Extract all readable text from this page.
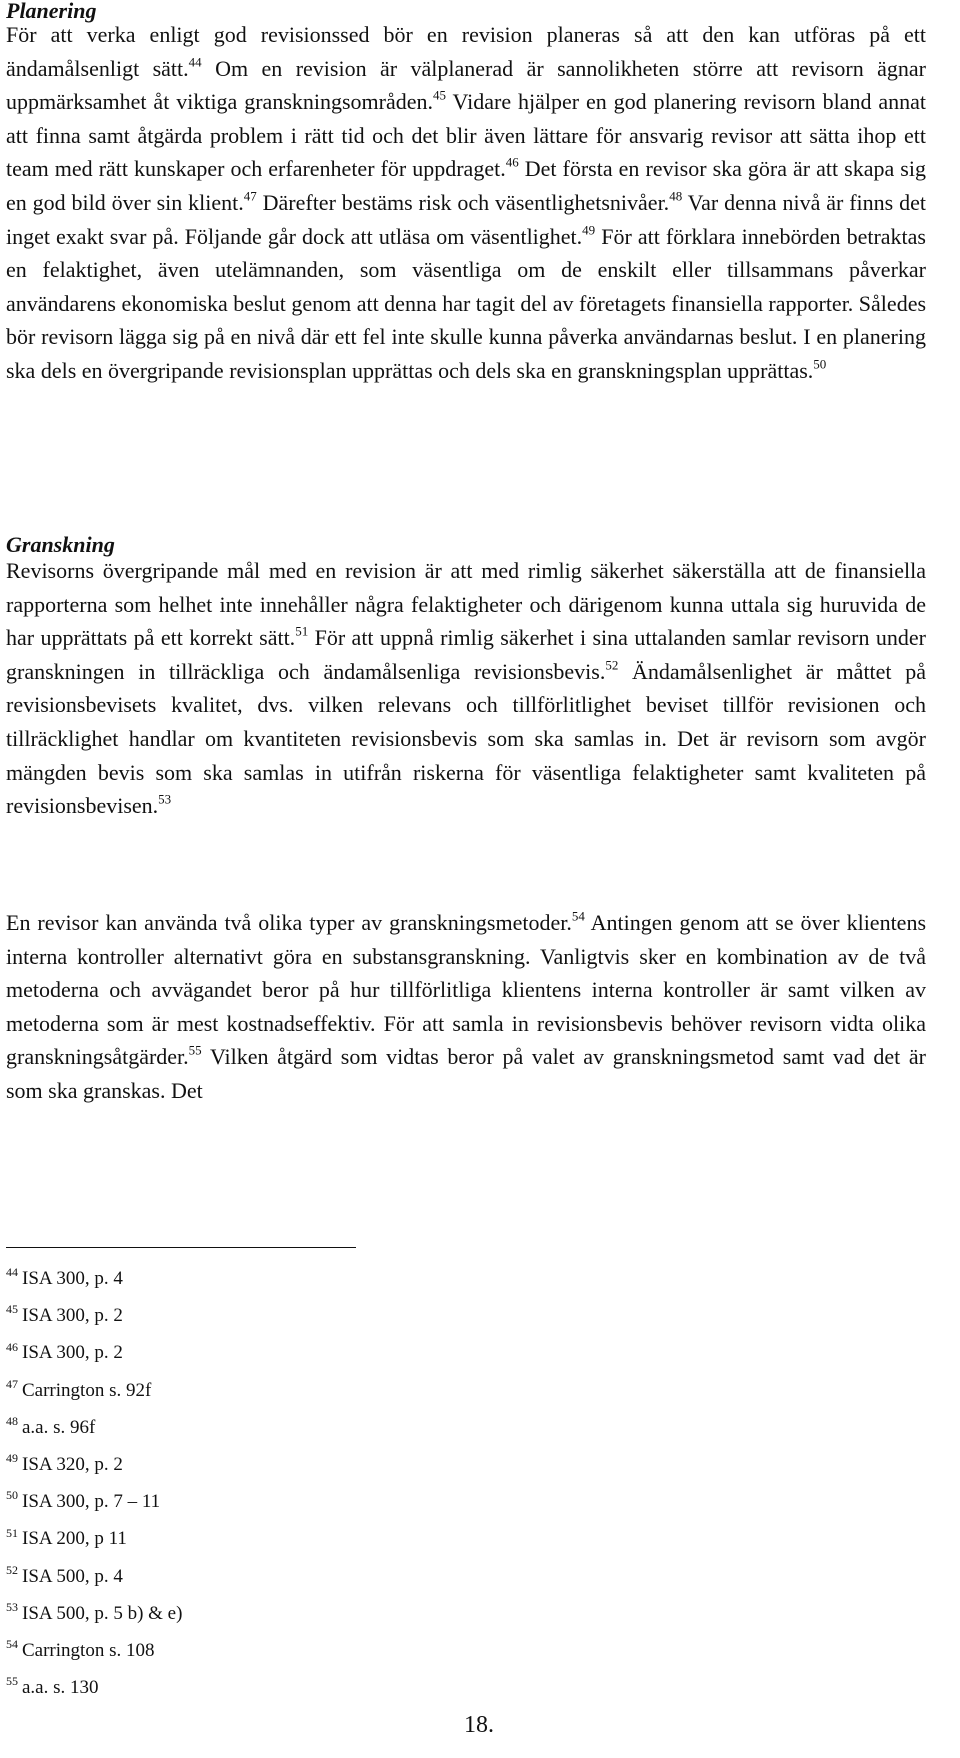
Planering

För att verka enligt god revisionssed bör en revision planeras så att den kan utföras på ett ändamålsenligt sätt.$^{44}$ Om en revision är välplanerad är sannolikheten större att revisorn ägnar uppmärksamhet åt viktiga granskningsområden.$^{45}$ Vidare hjälper en god planering revisorn bland annat att finna samt åtgärda problem i rätt tid och det blir även lättare för ansvarig revisor att sätta ihop ett team med rätt kunskaper och erfarenheter för uppdraget.$^{46}$ Det första en revisor ska göra är att skapa sig en god bild över sin klient.$^{47}$ Därefter bestäms risk och väsentlighetsnivåer.$^{48}$ Var denna nivå är finns det inget exakt svar på. Följande går dock att utläsa om väsentlighet.$^{49}$ För att förklara innebörden betraktas en felaktighet, även utelämnanden, som väsentliga om de enskilt eller tillsammans påverkar användarens ekonomiska beslut genom att denna har tagit del av företagets finansiella rapporter. Således bör revisorn lägga sig på en nivå där ett fel inte skulle kunna påverka användarnas beslut. I en planering ska dels en övergripande revisionsplan upprättas och dels ska en granskningsplan upprättas.$^{50}$

Granskning

Revisorns övergripande mål med en revision är att med rimlig säkerhet säkerställa att de finansiella rapporterna som helhet inte innehåller några felaktigheter och därigenom kunna uttala sig huruvida de har upprättats på ett korrekt sätt.$^{51}$ För att uppnå rimlig säkerhet i sina uttalanden samlar revisorn under granskningen in tillräckliga och ändamålsenliga revisionsbevis.$^{52}$ Ändamålsenlighet är måttet på revisionsbevisets kvalitet, dvs. vilken relevans och tillförlitlighet beviset tillför revisionen och tillräcklighet handlar om kvantiteten revisionsbevis som ska samlas in. Det är revisorn som avgör mängden bevis som ska samlas in utifrån riskerna för väsentliga felaktigheter samt kvaliteten på revisionsbevisen.$^{53}$

En revisor kan använda två olika typer av granskningsmetoder.$^{54}$ Antingen genom att se över klientens interna kontroller alternativt göra en substansgranskning. Vanligtvis sker en kombination av de två metoderna och avvägandet beror på hur tillförlitliga klientens interna kontroller är samt vilken av metoderna som är mest kostnadseffektiv. För att samla in revisionsbevis behöver revisorn vidta olika granskningsåtgärder.$^{55}$ Vilken åtgärd som vidtas beror på valet av granskningsmetod samt vad det är som ska granskas. Det

$^{44}$ ISA 300, p. 4
$^{45}$ ISA 300, p. 2
$^{46}$ ISA 300, p. 2
$^{47}$ Carrington s. 92f
$^{48}$ a.a. s. 96f
$^{49}$ ISA 320, p. 2
$^{50}$ ISA 300, p. 7 – 11
$^{51}$ ISA 200, p 11
$^{52}$ ISA 500, p. 4
$^{53}$ ISA 500, p. 5 b) & e)
$^{54}$ Carrington s. 108
$^{55}$ a.a. s. 130
18.
